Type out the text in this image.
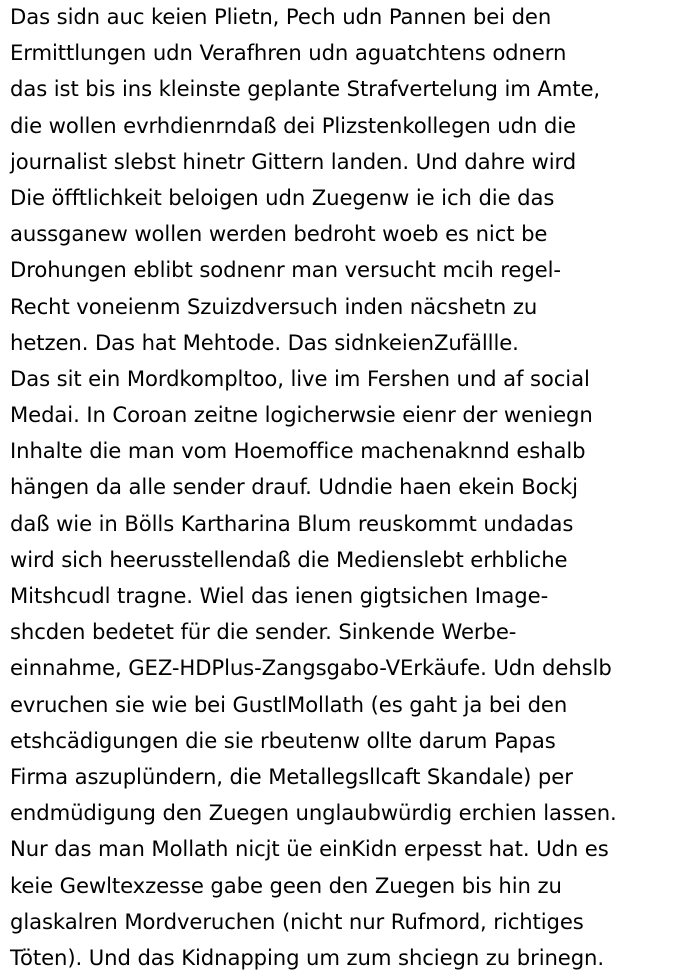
Das sidn auc keien Plietn, Pech udn Pannen bei den
Ermittlungen udn Verafhren udn aguatchtens odnern
das ist bis ins kleinste geplante Strafvertelung im Amte,
die wollen evrhdienrndaß dei Plizstenkollegen udn die
journalist slebst hinetr Gittern landen. Und dahre wird
Die öfftlichkeit beloigen udn Zuegenw ie ich die das
aussganew wollen werden bedroht woeb es nict be
Drohungen eblibt sodnenr man versucht mcih regel-
Recht voneienm Szuizdversuch inden näcshetn zu
hetzen. Das hat Mehtode. Das sidnkeienZufällle.
Das sit ein Mordkompltoo, live im Fershen und af social
Medai. In Coroan zeitne logicherwsie eienr der weniegn
Inhalte die man vom Hoemoffice machenaknnd eshalb
hängen da alle sender drauf. Udndie haen ekein Bockj
daß wie in Bölls Kartharina Blum reuskommt undadas
wird sich heerusstellendaß die Medienslebt erhbliche
Mitshcudl tragne. Wiel das ienen gigtsichen Image-
shcden bedetet für die sender. Sinkende Werbe-
einnahme, GEZ-HDPlus-Zangsgabo-VErkäufe. Udn dehslb
evruchen sie wie bei GustlMollath (es gaht ja bei den
etshcädigungen die sie rbeutenw ollte darum Papas
Firma aszuplündern, die Metallegsllcaft Skandale) per
endmüdigung den Zuegen unglaubwürdig erchien lassen.
Nur das man Mollath nicjt üe einKidn erpesst hat. Udn es
keie Gewltexzesse gabe geen den Zuegen bis hin zu
glaskalren Mordveruchen (nicht nur Rufmord, richtiges
Töten). Und das Kidnapping um zum shciegn zu brinegn.
